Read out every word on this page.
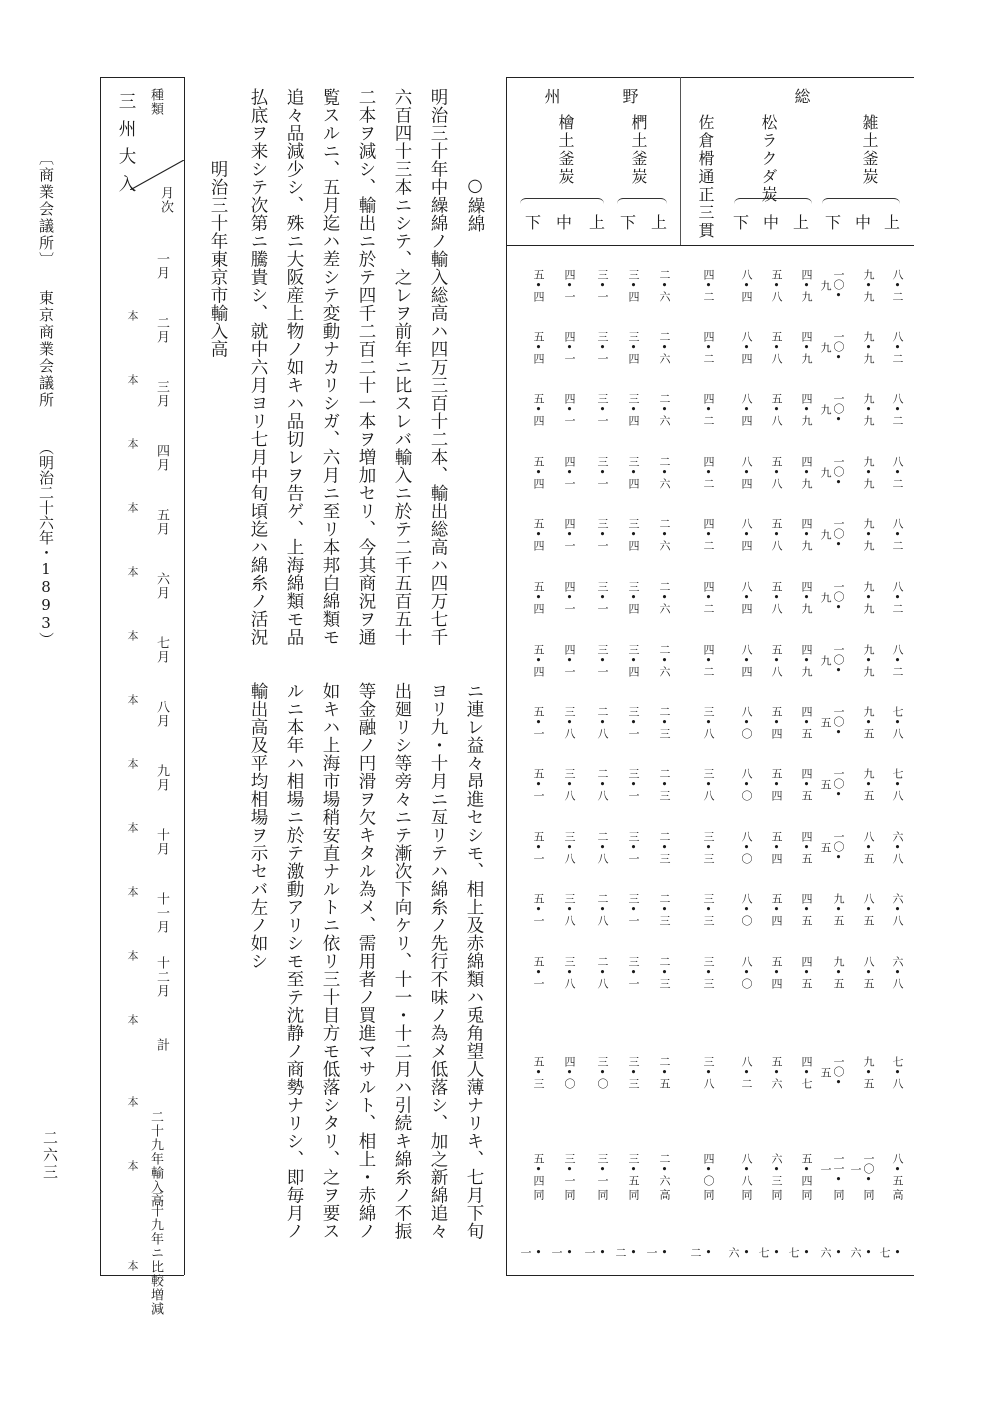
総
野
州
雑土釜炭
松ラクダ炭
佐倉榾通正三貫
椚土釜炭
檜土釜炭
上
中
下
上
中
下
上
下
上
中
下
八•二
九•九
一〇•九
四•九
五•八
八•四
四•二
二•六
三•四
三•一
四•一
五•四
八•二
九•九
一〇•九
四•九
五•八
八•四
四•二
二•六
三•四
三•一
四•一
五•四
八•二
九•九
一〇•九
四•九
五•八
八•四
四•二
二•六
三•四
三•一
四•一
五•四
八•二
九•九
一〇•九
四•九
五•八
八•四
四•二
二•六
三•四
三•一
四•一
五•四
八•二
九•九
一〇•九
四•九
五•八
八•四
四•二
二•六
三•四
三•一
四•一
五•四
八•二
九•九
一〇•九
四•九
五•八
八•四
四•二
二•六
三•四
三•一
四•一
五•四
八•二
九•九
一〇•九
四•九
五•八
八•四
四•二
二•六
三•四
三•一
四•一
五•四
七•八
九•五
一〇•五
四•五
五•四
八•〇
三•八
二•三
三•一
二•八
三•八
五•一
七•八
九•五
一〇•五
四•五
五•四
八•〇
三•八
二•三
三•一
二•八
三•八
五•一
六•八
八•五
一〇•五
四•五
五•四
八•〇
三•三
二•三
三•一
二•八
三•八
五•一
六•八
八•五
九•五
四•五
五•四
八•〇
三•三
二•三
三•一
二•八
三•八
五•一
六•八
八•五
九•五
四•五
五•四
八•〇
三•三
二•三
三•一
二•八
三•八
五•一
七•八
九•五
一〇•五
四•七
五•六
八•二
三•八
二•五
三•三
三•〇
四•〇
五•三
八•五
一〇•一
一一•一
五•四
六•三
八•八
四•〇
二•六
三•五
三•一
三•一
五•四
高
同
同
同
同
同
同
高
同
同
同
同
•七
•六
•六
•七
•七
•六
•二
•一
•二
•一
•一
•一
○繰綿
明治三十年中繰綿ノ輸入総高ハ四万三百十二本、輸出総高ハ四万七千
六百四十三本ニシテ、之レヲ前年ニ比スレバ輸入ニ於テ二千五百五十
二本ヲ減シ、輸出ニ於テ四千二百二十一本ヲ増加セリ、今其商況ヲ通
覧スルニ、五月迄ハ差シテ変動ナカリシガ、六月ニ至リ本邦白綿類モ
追々品減少シ、殊ニ大阪産上物ノ如キハ品切レヲ告ゲ、上海綿類モ品
払底ヲ来シテ次第ニ騰貴シ、就中六月ヨリ七月中旬頃迄ハ綿糸ノ活況
明治三十年東京市輸入高
ニ連レ益々昂進セシモ、相上及赤綿類ハ兎角望人薄ナリキ、七月下旬
ヨリ九・十月ニ亙リテハ綿糸ノ先行不味ノ為メ低落シ、加之新綿追々
出廻リシ等旁々ニテ漸次下向ケリ、十一・十二月ハ引続キ綿糸ノ不振
等金融ノ円滑ヲ欠キタル為メ、需用者ノ買進マサルト、相上・赤綿ノ
如キハ上海市場稍安直ナルトニ依リ三十目方モ低落シタリ、之ヲ要ス
ルニ本年ハ相場ニ於テ激動アリシモ至テ沈静ノ商勢ナリシ、即毎月ノ
輸出高及平均相場ヲ示セバ左ノ如シ
種類
月次
三州大入
一月
本
二月
本
三月
本
四月
本
五月
本
六月
本
七月
本
八月
本
九月
本
十月
本
十一月
本
十二月
本
計
本
本
本
二十九年輸入高
二十九年ニ比較増減
〔商業会議所〕
東京商業会議所
（明治二十六年・1893）
二六三
